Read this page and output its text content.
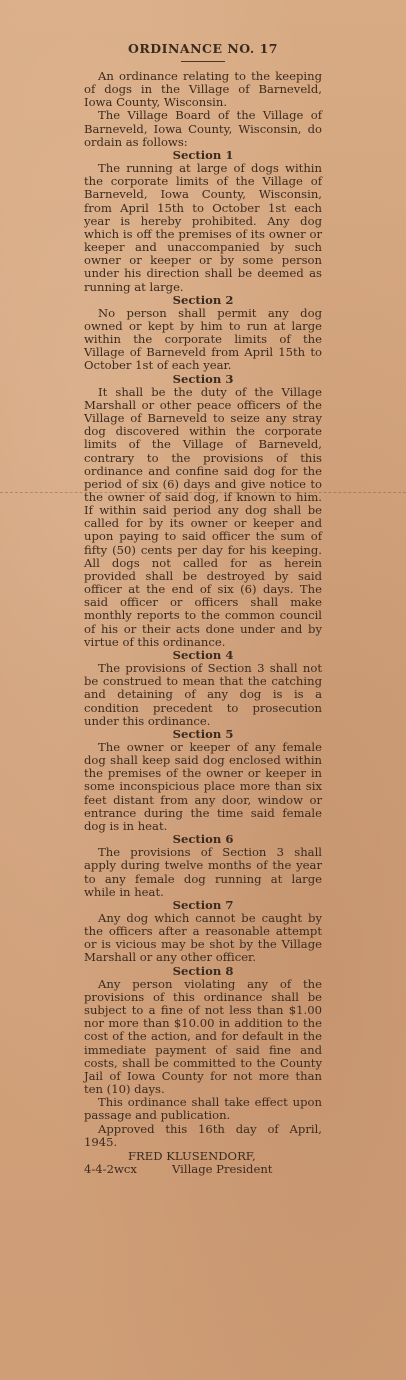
ORDINANCE NO. 17

An ordinance relating to the keeping of dogs in the Village of Barneveld, Iowa County, Wisconsin.

The Village Board of the Village of Barneveld, Iowa County, Wisconsin, do ordain as follows:

Section 1

The running at large of dogs within the corporate limits of the Village of Barneveld, Iowa County, Wisconsin, from April 15th to October 1st each year is hereby prohibited. Any dog which is off the premises of its owner or keeper and unaccompanied by such owner or keeper or by some person under his direction shall be deemed as running at large.

Section 2

No person shall permit any dog owned or kept by him to run at large within the corporate limits of the Village of Barneveld from April 15th to October 1st of each year.

Section 3

It shall be the duty of the Village Marshall or other peace officers of the Village of Barneveld to seize any stray dog discovered within the corporate limits of the Village of Barneveld, contrary to the provisions of this ordinance and confine said dog for the period of six (6) days and give notice to the owner of said dog, if known to him. If within said period any dog shall be called for by its owner or keeper and upon paying to said officer the sum of fifty (50) cents per day for his keeping. All dogs not called for as herein provided shall be destroyed by said officer at the end of six (6) days. The said officer or officers shall make monthly reports to the common council of his or their acts done under and by virtue of this ordinance.

Section 4

The provisions of Section 3 shall not be construed to mean that the catching and detaining of any dog is is a condition precedent to prosecution under this ordinance.

Section 5

The owner or keeper of any female dog shall keep said dog enclosed within the premises of the owner or keeper in some inconspicious place more than six feet distant from any door, window or entrance during the time said female dog is in heat.

Section 6

The provisions of Section 3 shall apply during twelve months of the year to any female dog running at large while in heat.

Section 7

Any dog which cannot be caught by the officers after a reasonable attempt or is vicious may be shot by the Village Marshall or any other officer.

Section 8

Any person violating any of the provisions of this ordinance shall be subject to a fine of not less than $1.00 nor more than $10.00 in addition to the cost of the action, and for default in the immediate payment of said fine and costs, shall be committed to the County Jail of Iowa County for not more than ten (10) days.

This ordinance shall take effect upon passage and publication.

Approved this 16th day of April, 1945.

FRED KLUSENDORF,
4-4-2wcx	Village President
